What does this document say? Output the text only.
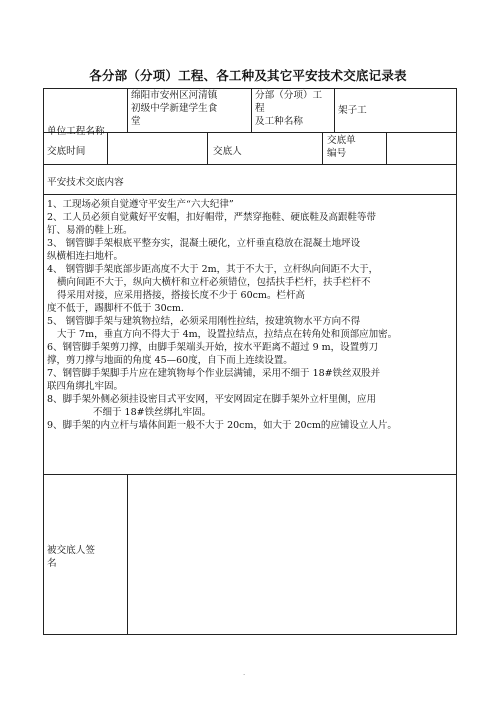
各分部（分项）工程、各工种及其它平安技术交底记录表
单位工程名称
绵阳市安州区河清镇
初级中学新建学生食
堂
分部（分项）工
程
及工种名称
架子工
交底时间	交底人
交底单
编号
平安技术交底内容

1、工现场必须自觉遵守平安生产“六大纪律”

2、工人员必须自觉戴好平安帽，扣好帽带，严禁穿拖鞋、硬底鞋及高跟鞋等带

钉、易滑的鞋上班。

3、 钢管脚手架根底平整夯实，混凝土硬化，立杆垂直稳放在混凝土地坪设

纵横相连扫地杆。

4、 钢管脚手架底部步距高度不大于 2m，其于不大于，立杆纵向间距不大于，

横向间距不大于，纵向大横杆和立杆必须错位，包括扶手栏杆，扶手栏杆不

得采用对接，应采用搭接，搭接长度不少于 60cm。栏杆高

度不低于，踢脚杆不低于 30cm.

5、 钢管脚手架与建筑物拉结，必须采用刚性拉结，按建筑物水平方向不得

大于 7m，垂直方向不得大于 4m，设置拉结点，拉结点在转角处和顶部应加密。

6、钢管脚手架剪刀撑，由脚手架端头开始，按水平距离不超过 9 m，设置剪刀

撑，剪刀撑与地面的角度 45—60度，自下而上连续设置。

7、钢管脚手架脚手片应在建筑物每个作业层满铺，采用不细于 18#铁丝双股并

联四角绑扎牢固。

8、脚手架外侧必须挂设密目式平安网，平安网固定在脚手架外立杆里侧，应用

不细于 18#铁丝绑扎牢固。

9、脚手架的内立杆与墙体间距一般不大于 20cm，如大于 20cm的应铺设立人片。

被交底人签
名
.
